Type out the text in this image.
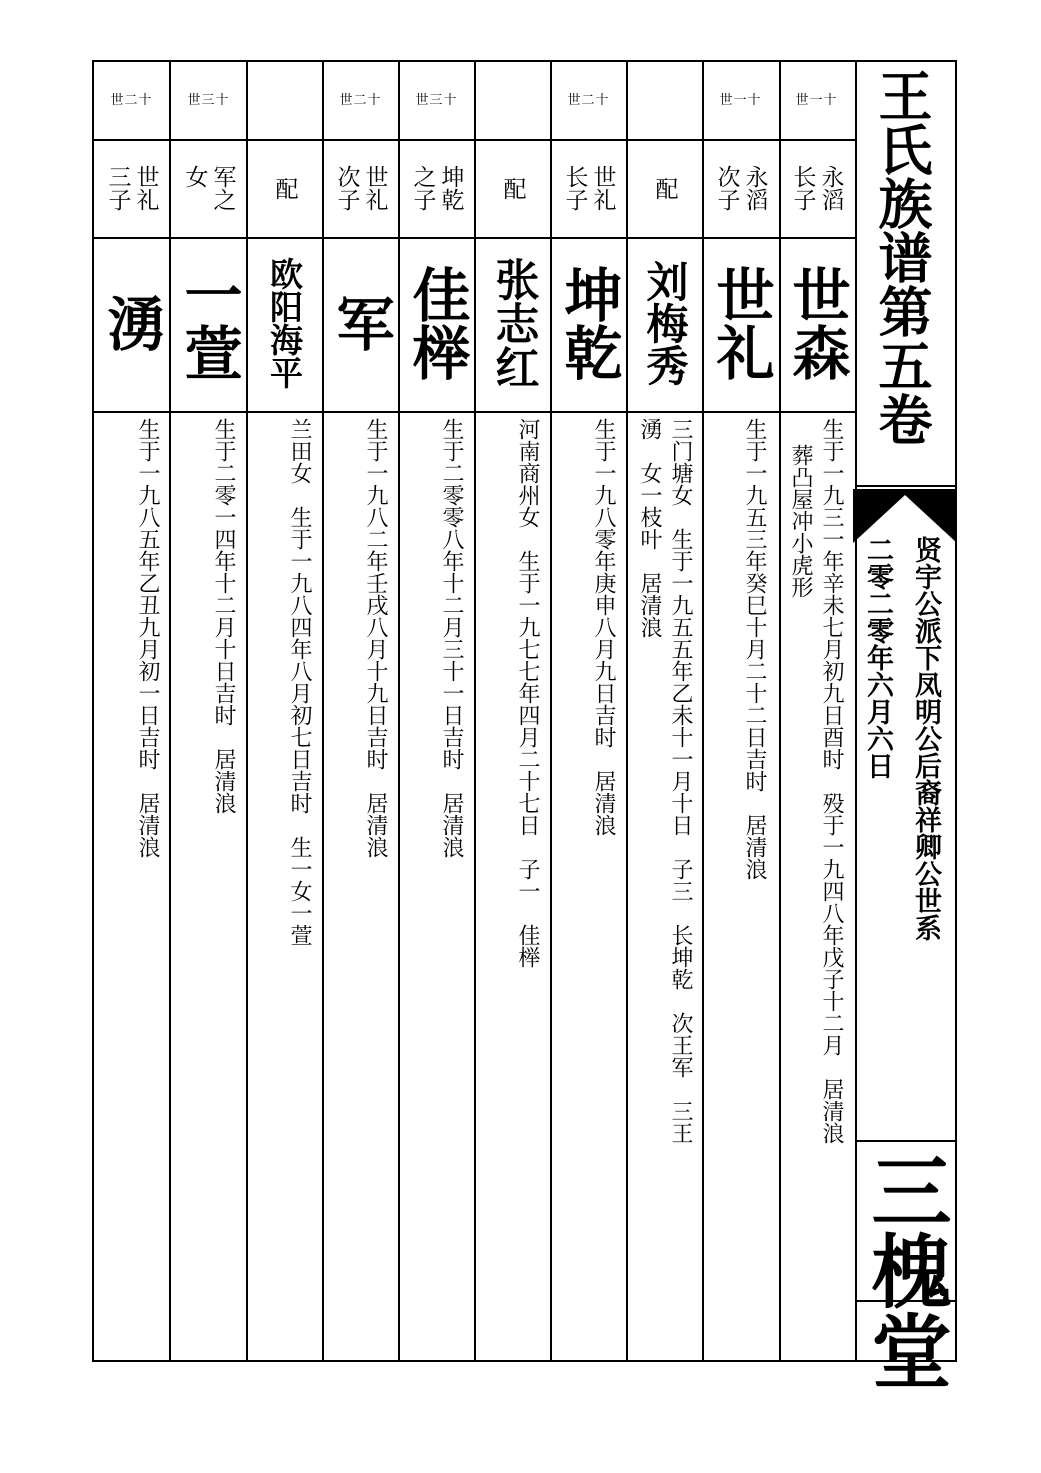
王氏族谱第五卷
贤宇公派下凤明公后裔祥卿公世系
二零二零年六月六日
三槐堂
世一十
永滔
长子
世森
生于一九三一年辛未七月初九日酉时　殁于一九四八年戊子十二月　居清浪
葬凸屋冲小虎形
世一十
永滔
次子
世礼
生于一九五三年癸巳十月二十二日吉时　居清浪
配
刘梅秀
三门塘女　生于一九五五年乙未十一月十日　子三　长坤乾　次王军　三王
湧　女一枝叶　居清浪
世二十
世礼
长子
坤乾
生于一九八零年庚申八月九日吉时　居清浪
配
张志红
河南商州女　生于一九七七年四月二十七日　子一　佳榉
世三十
坤乾
之子
佳榉
生于二零零八年十二月三十一日吉时　居清浪
世二十
世礼
次子
军
生于一九八二年壬戌八月十九日吉时　居清浪
配
欧阳海平
兰田女　生于一九八四年八月初七日吉时　生一女一萱
世三十
军之
女
一萱
生于二零一四年十二月十日吉时　居清浪
世二十
世礼
三子
湧
生于一九八五年乙丑九月初一日吉时　居清浪
